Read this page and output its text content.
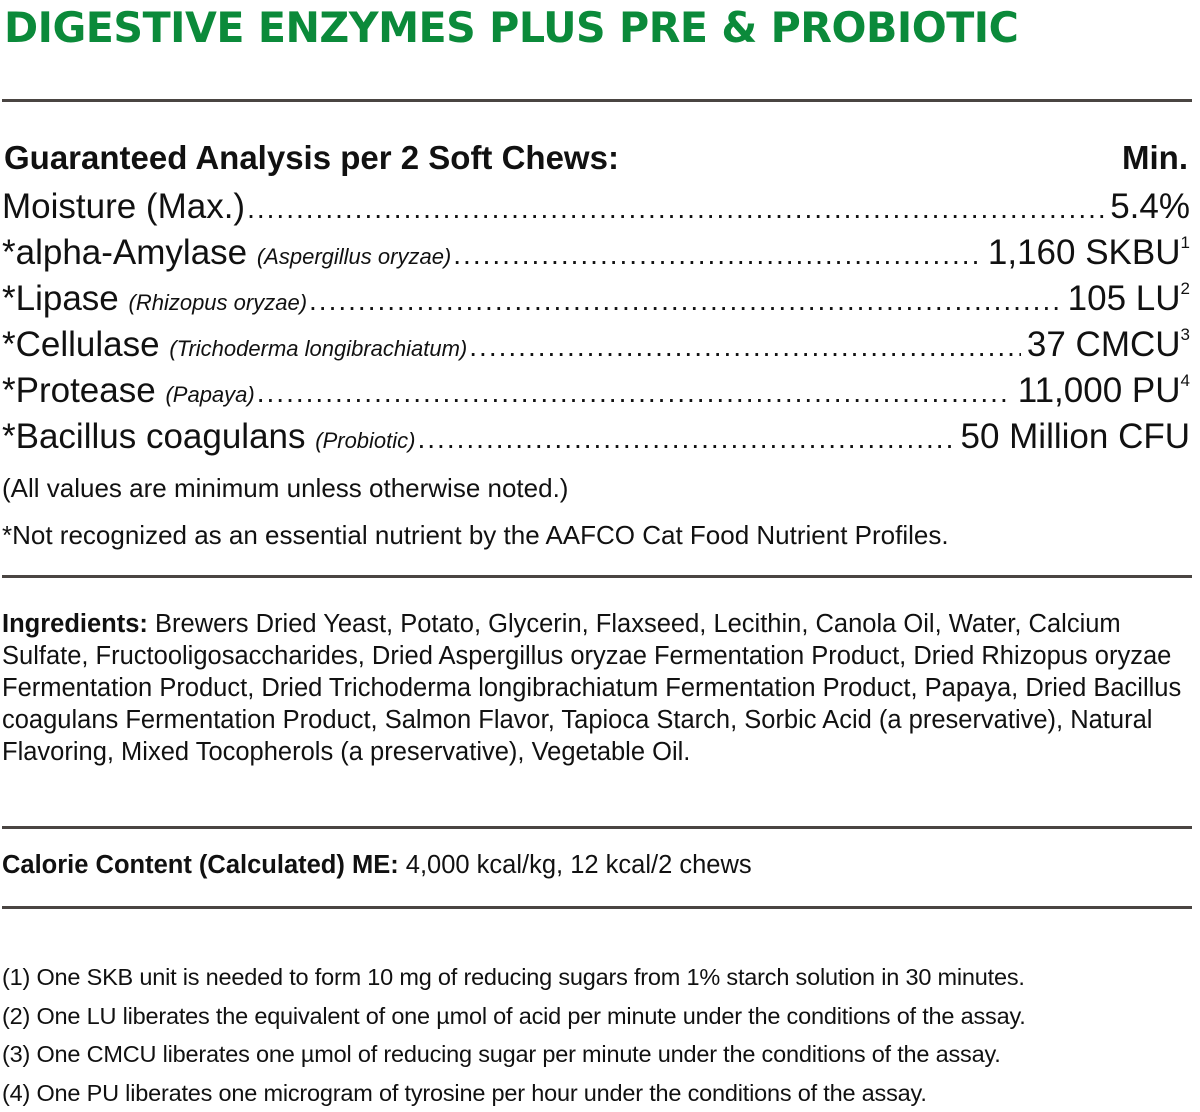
DIGESTIVE ENZYMES PLUS PRE & PROBIOTIC
Guaranteed Analysis per 2 Soft Chews:	Min.
Moisture (Max.) .....	5.4%
*alpha-Amylase (Aspergillus oryzae) .....	1,160 SKBU$^1$
*Lipase (Rhizopus oryzae) .....	105 $LU^2$
*Cellulase (Trichoderma longibrachiatum) .....	37 CMCU$^3$
*Protease (Papaya) .....	11,000 $PU^4$
*Bacillus coagulans (Probiotic) .....	50 Million CFU
(All values are minimum unless otherwise noted.)
*Not recognized as an essential nutrient by the AAFCO Cat Food Nutrient Profiles.
Ingredients: Brewers Dried Yeast, Potato, Glycerin, Flaxseed, Lecithin, Canola Oil, Water, Calcium Sulfate, Fructooligosaccharides, Dried Aspergillus oryzae Fermentation Product, Dried Rhizopus oryzae Fermentation Product, Dried Trichoderma longibrachiatum Fermentation Product, Papaya, Dried Bacillus coagulans Fermentation Product, Salmon Flavor, Tapioca Starch, Sorbic Acid (a preservative), Natural Flavoring, Mixed Tocopherols (a preservative), Vegetable Oil.
Calorie Content (Calculated) ME: 4,000 kcal/kg, 12 kcal/2 chews
(1) One SKB unit is needed to form 10 mg of reducing sugars from 1% starch solution in 30 minutes.
(2) One LU liberates the equivalent of one µmol of acid per minute under the conditions of the assay.
(3) One CMCU liberates one µmol of reducing sugar per minute under the conditions of the assay.
(4) One PU liberates one microgram of tyrosine per hour under the conditions of the assay.
